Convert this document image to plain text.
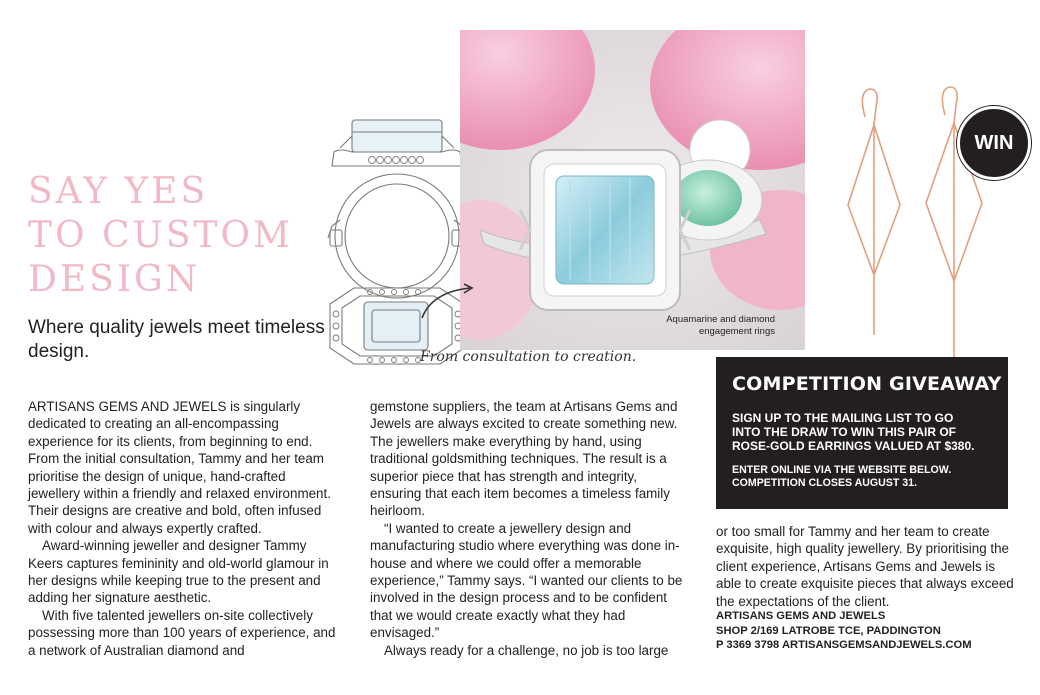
SAY YES
TO CUSTOM
DESIGN

Where quality jewels meet timeless design.

Aquamarine and diamond
engagement rings
From consultation to creation.
WIN
COMPETITION GIVEAWAY
SIGN UP TO THE MAILING LIST TO GO
INTO THE DRAW TO WIN THIS PAIR OF
ROSE-GOLD EARRINGS VALUED AT $380.
ENTER ONLINE VIA THE WEBSITE BELOW.
COMPETITION CLOSES AUGUST 31.

ARTISANS GEMS AND JEWELS is singularly dedicated to creating an all-encompassing experience for its clients, from beginning to end. From the initial consultation, Tammy and her team prioritise the design of unique, hand-crafted jewellery within a friendly and relaxed environment. Their designs are creative and bold, often infused with colour and always expertly crafted.

Award-winning jeweller and designer Tammy Keers captures femininity and old-world glamour in her designs while keeping true to the present and adding her signature aesthetic.

With five talented jewellers on-site collectively possessing more than 100 years of experience, and a network of Australian diamond and

gemstone suppliers, the team at Artisans Gems and Jewels are always excited to create something new. The jewellers make everything by hand, using traditional goldsmithing techniques. The result is a superior piece that has strength and integrity, ensuring that each item becomes a timeless family heirloom.

“I wanted to create a jewellery design and manufacturing studio where everything was done in-house and where we could offer a memorable experience,” Tammy says. “I wanted our clients to be involved in the design process and to be confident that we would create exactly what they had envisaged.”

Always ready for a challenge, no job is too large

or too small for Tammy and her team to create exquisite, high quality jewellery. By prioritising the client experience, Artisans Gems and Jewels is able to create exquisite pieces that always exceed the expectations of the client.

ARTISANS GEMS AND JEWELS
SHOP 2/169 LATROBE TCE, PADDINGTON
P 3369 3798 ARTISANSGEMSANDJEWELS.COM
